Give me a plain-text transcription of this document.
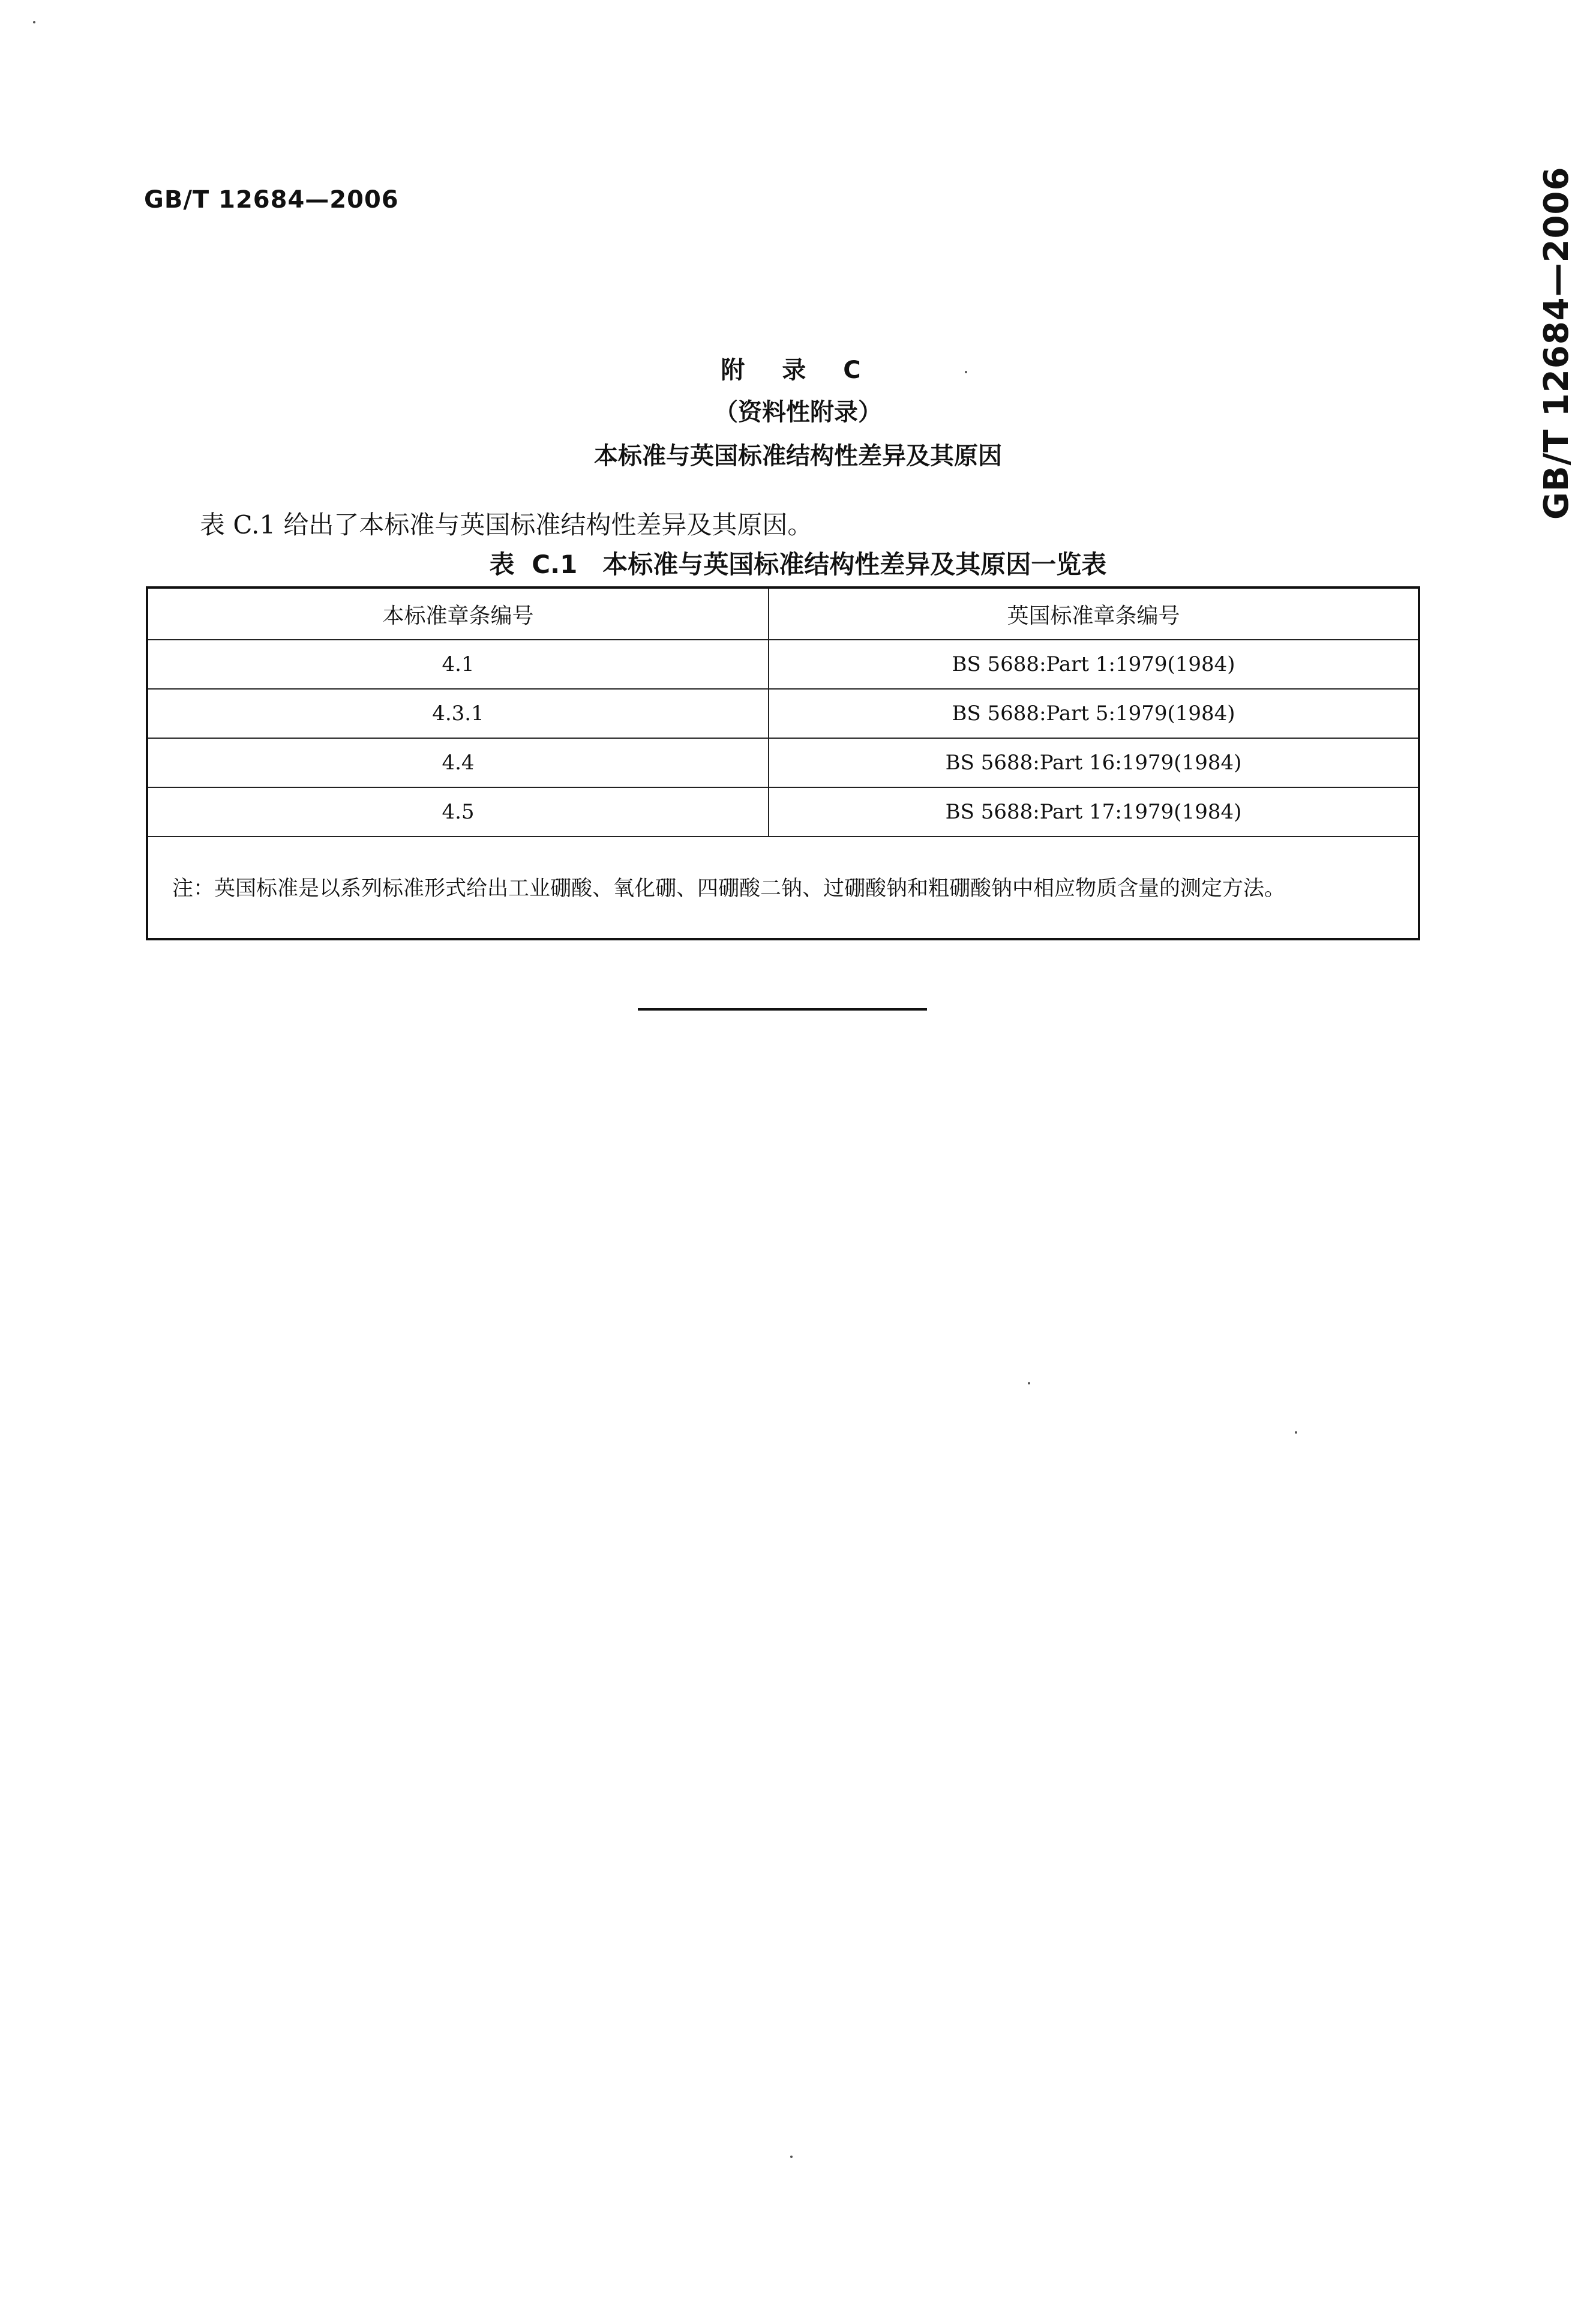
GB/T 12684—2006	GB/T 12684—2006
附 录 C
（资料性附录）
本标准与英国标准结构性差异及其原因
表 C.1 给出了本标准与英国标准结构性差异及其原因。
表 C.1　本标准与英国标准结构性差异及其原因一览表
本标准章条编号	英国标准章条编号
4.1	BS 5688:Part 1:1979(1984)
4.3.1	BS 5688:Part 5:1979(1984)
4.4	BS 5688:Part 16:1979(1984)
4.5	BS 5688:Part 17:1979(1984)
注：英国标准是以系列标准形式给出工业硼酸、氧化硼、四硼酸二钠、过硼酸钠和粗硼酸钠中相应物质含量的测定方法。	
